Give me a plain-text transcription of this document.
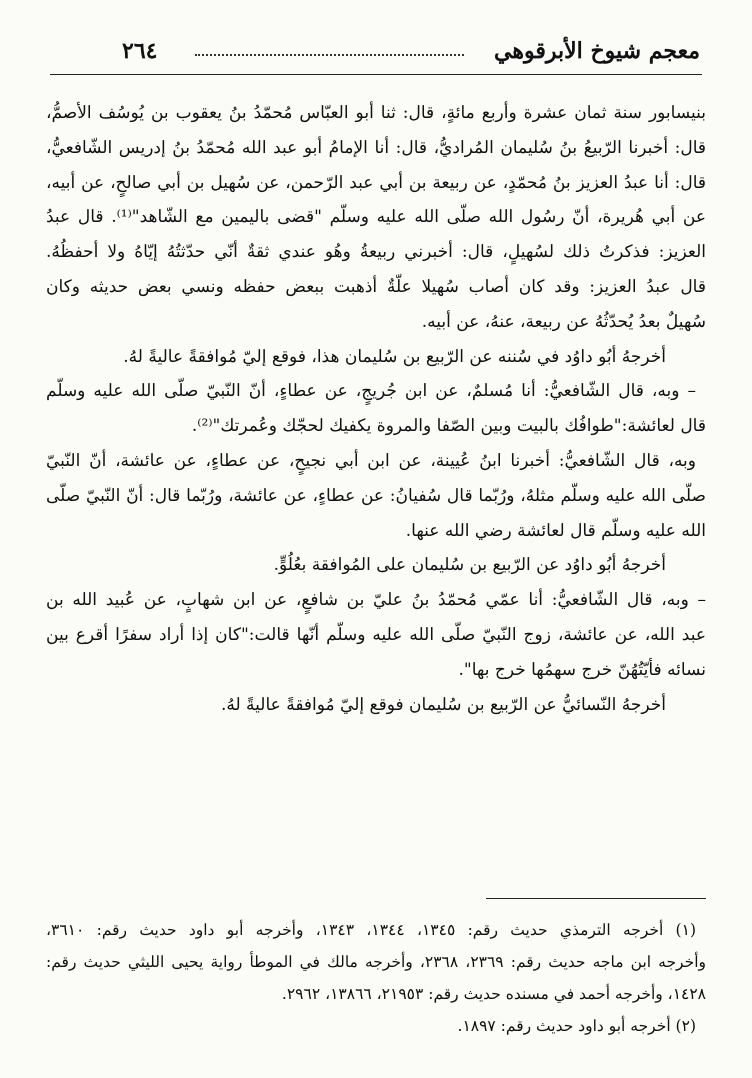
معجم شيوخ الأبرقوهي
٢٦٤
بنيسابور سنة ثمان عشرة وأربع مائةٍ، قال: ثنا أبو العبّاس مُحمّدُ بنُ يعقوب بن يُوسُف الأصمُّ،
قال: أخبرنا الرّبيعُ بنُ سُليمان المُراديُّ، قال: أنا الإمامُ أبو عبد الله مُحمّدُ بنُ إدريس الشّافعيُّ،
قال: أنا عبدُ العزيز بنُ مُحمّدٍ، عن ربيعة بن أبي عبد الرّحمن، عن سُهيل بن أبي صالحٍ، عن أبيه،
عن أبي هُريرة، أنّ رسُول الله صلّى الله عليه وسلّم "قضى باليمين مع الشّاهد"⁽¹⁾. قال عبدُ
العزيز: فذكرتُ ذلك لسُهيلٍ، قال: أخبرني ربيعةُ وهُو عندي ثقةٌ أنّي حدّثتُهُ إيّاهُ ولا أحفظُهُ.
قال عبدُ العزيز: وقد كان أصاب سُهيلا علّةٌ أذهبت ببعض حفظه ونسي بعض حديثه وكان
سُهيلٌ بعدُ يُحدّثُهُ عن ربيعة، عنهُ، عن أبيه.
أخرجهُ أبُو داوُد في سُننه عن الرّبيع بن سُليمان هذا، فوقع إليّ مُوافقةً عاليةً لهُ.
– وبه، قال الشّافعيُّ: أنا مُسلمٌ، عن ابن جُريجٍ، عن عطاءٍ، أنّ النّبيّ صلّى الله عليه وسلّم
قال لعائشة:"طوافُك بالبيت وبين الصّفا والمروة يكفيك لحجّك وعُمرتك"⁽²⁾.
وبه، قال الشّافعيُّ: أخبرنا ابنُ عُيينة، عن ابن أبي نجيحٍ، عن عطاءٍ، عن عائشة، أنّ النّبيّ
صلّى الله عليه وسلّم مثلهُ، ورُبّما قال سُفيانُ: عن عطاءٍ، عن عائشة، ورُبّما قال: أنّ النّبيّ صلّى
الله عليه وسلّم قال لعائشة رضي الله عنها.
أخرجهُ أبُو داوُد عن الرّبيع بن سُليمان على المُوافقة بعُلُوٍّ.
– وبه، قال الشّافعيُّ: أنا عمّي مُحمّدُ بنُ عليّ بن شافعٍ، عن ابن شهابٍ، عن عُبيد الله بن
عبد الله، عن عائشة، زوج النّبيّ صلّى الله عليه وسلّم أنّها قالت:"كان إذا أراد سفرًا أقرع بين
نسائه فأيّتُهُنّ خرج سهمُها خرج بها".
أخرجهُ النّسائيُّ عن الرّبيع بن سُليمان فوقع إليّ مُوافقةً عاليةً لهُ.
(١) أخرجه الترمذي حديث رقم: ١٣٤٥، ١٣٤٤، ١٣٤٣، وأخرجه أبو داود حديث رقم: ٣٦١٠،
وأخرجه ابن ماجه حديث رقم: ٢٣٦٩، ٢٣٦٨، وأخرجه مالك في الموطأ رواية يحيى الليثي حديث رقم:
١٤٢٨، وأخرجه أحمد في مسنده حديث رقم: ٢١٩٥٣، ١٣٨٦٦، ٢٩٦٢.
(٢) أخرجه أبو داود حديث رقم: ١٨٩٧.
